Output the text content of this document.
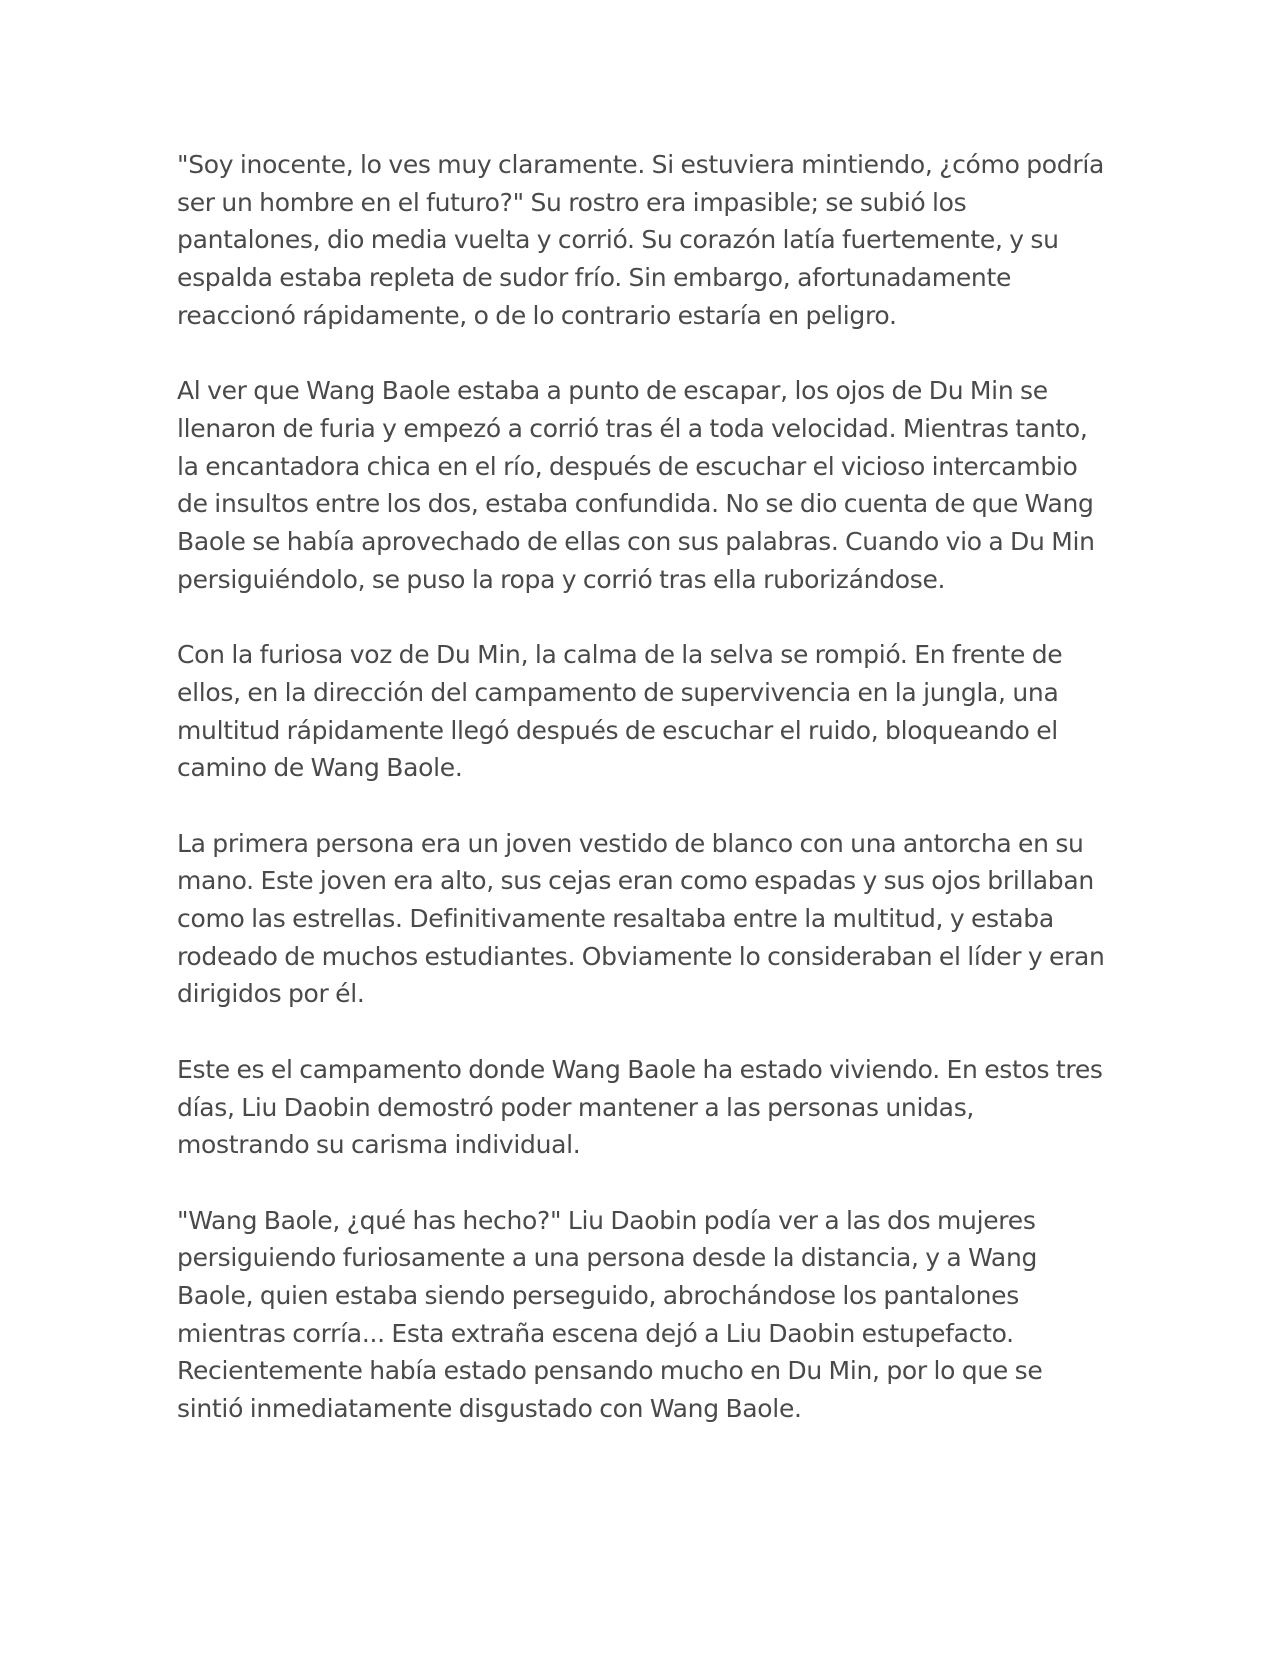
"Soy inocente, lo ves muy claramente. Si estuviera mintiendo, ¿cómo podría ser un hombre en el futuro?" Su rostro era impasible; se subió los pantalones, dio media vuelta y corrió. Su corazón latía fuertemente, y su espalda estaba repleta de sudor frío. Sin embargo, afortunadamente reaccionó rápidamente, o de lo contrario estaría en peligro.

Al ver que Wang Baole estaba a punto de escapar, los ojos de Du Min se llenaron de furia y empezó a corrió tras él a toda velocidad. Mientras tanto, la encantadora chica en el río, después de escuchar el vicioso intercambio de insultos entre los dos, estaba confundida. No se dio cuenta de que Wang Baole se había aprovechado de ellas con sus palabras. Cuando vio a Du Min persiguiéndolo, se puso la ropa y corrió tras ella ruborizándose.

Con la furiosa voz de Du Min, la calma de la selva se rompió. En frente de ellos, en la dirección del campamento de supervivencia en la jungla, una multitud rápidamente llegó después de escuchar el ruido, bloqueando el camino de Wang Baole.

La primera persona era un joven vestido de blanco con una antorcha en su mano. Este joven era alto, sus cejas eran como espadas y sus ojos brillaban como las estrellas. Definitivamente resaltaba entre la multitud, y estaba rodeado de muchos estudiantes. Obviamente lo consideraban el líder y eran dirigidos por él.

Este es el campamento donde Wang Baole ha estado viviendo. En estos tres días, Liu Daobin demostró poder mantener a las personas unidas, mostrando su carisma individual.

"Wang Baole, ¿qué has hecho?" Liu Daobin podía ver a las dos mujeres persiguiendo furiosamente a una persona desde la distancia, y a Wang Baole, quien estaba siendo perseguido, abrochándose los pantalones mientras corría... Esta extraña escena dejó a Liu Daobin estupefacto. Recientemente había estado pensando mucho en Du Min, por lo que se sintió inmediatamente disgustado con Wang Baole.
